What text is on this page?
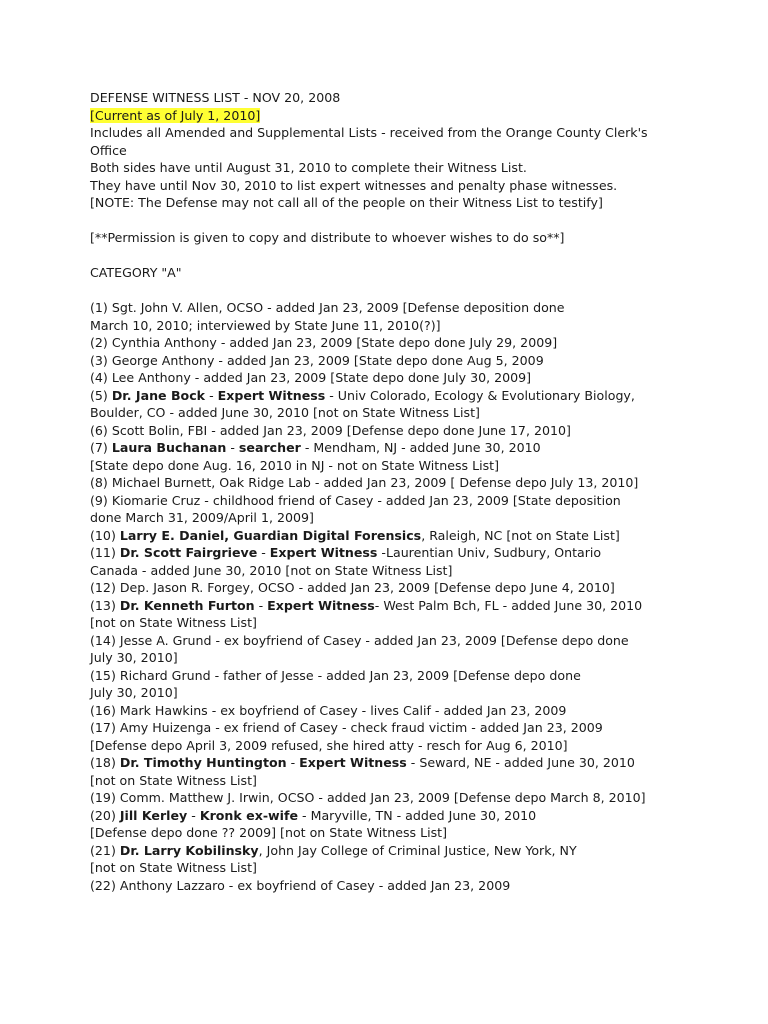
DEFENSE WITNESS LIST - NOV 20, 2008
[Current as of July 1, 2010]
Includes all Amended and Supplemental Lists - received from the Orange County Clerk's
Office
Both sides have until August 31, 2010 to complete their Witness List.
They have until Nov 30, 2010 to list expert witnesses and penalty phase witnesses.
[NOTE: The Defense may not call all of the people on their Witness List to testify]
[**Permission is given to copy and distribute to whoever wishes to do so**]
CATEGORY "A"
(1) Sgt. John V. Allen, OCSO - added Jan 23, 2009 [Defense deposition done
March 10, 2010; interviewed by State June 11, 2010(?)]
(2) Cynthia Anthony - added Jan 23, 2009 [State depo done July 29, 2009]
(3) George Anthony - added Jan 23, 2009 [State depo done Aug 5, 2009
(4) Lee Anthony - added Jan 23, 2009 [State depo done July 30, 2009]
(5) Dr. Jane Bock - Expert Witness - Univ Colorado, Ecology & Evolutionary Biology,
Boulder, CO - added June 30, 2010 [not on State Witness List]
(6) Scott Bolin, FBI - added Jan 23, 2009 [Defense depo done June 17, 2010]
(7) Laura Buchanan - searcher - Mendham, NJ - added June 30, 2010
[State depo done Aug. 16, 2010 in NJ - not on State Witness List]
(8) Michael Burnett, Oak Ridge Lab - added Jan 23, 2009 [ Defense depo July 13, 2010]
(9) Kiomarie Cruz - childhood friend of Casey - added Jan 23, 2009 [State deposition
done March 31, 2009/April 1, 2009]
(10) Larry E. Daniel, Guardian Digital Forensics, Raleigh, NC [not on State List]
(11) Dr. Scott Fairgrieve - Expert Witness -Laurentian Univ, Sudbury, Ontario
Canada - added June 30, 2010 [not on State Witness List]
(12) Dep. Jason R. Forgey, OCSO - added Jan 23, 2009 [Defense depo June 4, 2010]
(13) Dr. Kenneth Furton - Expert Witness- West Palm Bch, FL - added June 30, 2010
[not on State Witness List]
(14) Jesse A. Grund - ex boyfriend of Casey - added Jan 23, 2009 [Defense depo done
July 30, 2010]
(15) Richard Grund - father of Jesse - added Jan 23, 2009 [Defense depo done
July 30, 2010]
(16) Mark Hawkins - ex boyfriend of Casey - lives Calif - added Jan 23, 2009
(17) Amy Huizenga - ex friend of Casey - check fraud victim - added Jan 23, 2009
[Defense depo April 3, 2009 refused, she hired atty - resch for Aug 6, 2010]
(18) Dr. Timothy Huntington - Expert Witness - Seward, NE - added June 30, 2010
[not on State Witness List]
(19) Comm. Matthew J. Irwin, OCSO - added Jan 23, 2009 [Defense depo March 8, 2010]
(20) Jill Kerley - Kronk ex-wife - Maryville, TN - added June 30, 2010
[Defense depo done ?? 2009] [not on State Witness List]
(21) Dr. Larry Kobilinsky, John Jay College of Criminal Justice, New York, NY
[not on State Witness List]
(22) Anthony Lazzaro - ex boyfriend of Casey - added Jan 23, 2009
